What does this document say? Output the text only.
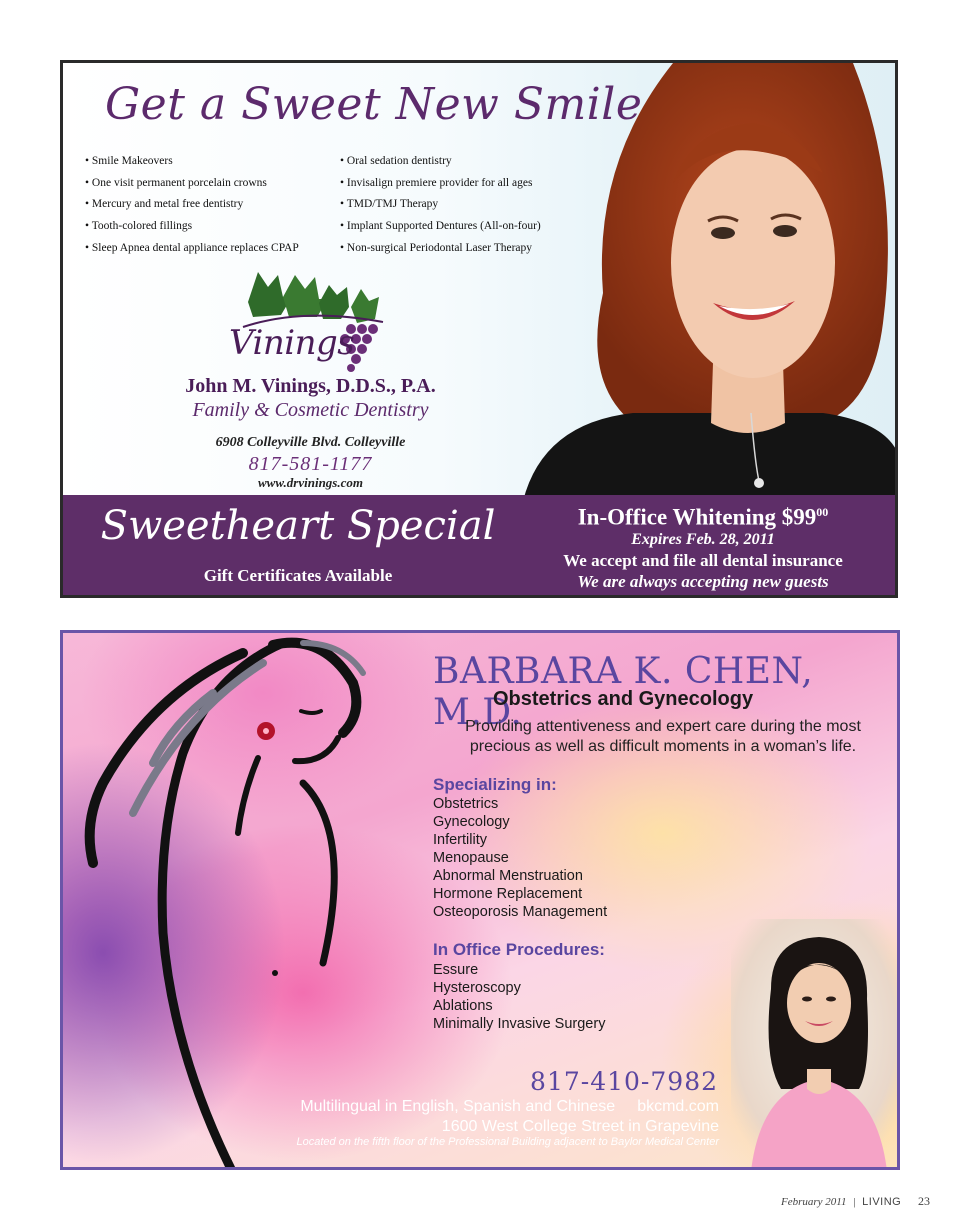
Get a Sweet New Smile
• Smile Makeovers
• One visit permanent porcelain crowns
• Mercury and metal free dentistry
• Tooth-colored fillings
• Sleep Apnea dental appliance replaces CPAP
• Oral sedation dentistry
• Invisalign premiere provider for all ages
• TMD/TMJ Therapy
• Implant Supported Dentures (All-on-four)
• Non-surgical Periodontal Laser Therapy
Vinings
John M. Vinings, D.D.S., P.A.
Family & Cosmetic Dentistry
6908 Colleyville Blvd. Colleyville
817-581-1177
www.drvinings.com
Sweetheart Special
Gift Certificates Available
In-Office Whitening $\$99^{00}$
Expires Feb. 28, 2011
We accept and file all dental insurance
We are always accepting new guests
BARBARA K. CHEN, M.D.
Obstetrics and Gynecology
Providing attentiveness and expert care during the most
precious as well as difficult moments in a woman’s life.
Specializing in:
Obstetrics
Gynecology
Infertility
Menopause
Abnormal Menstruation
Hormone Replacement
Osteoporosis Management
In Office Procedures:
Essure
Hysteroscopy
Ablations
Minimally Invasive Surgery
817-410-7982
Multilingual in English, Spanish and Chinese bkcmd.com
1600 West College Street in Grapevine
Located on the fifth floor of the Professional Building adjacent to Baylor Medical Center
February 2011 | LIVING 23
